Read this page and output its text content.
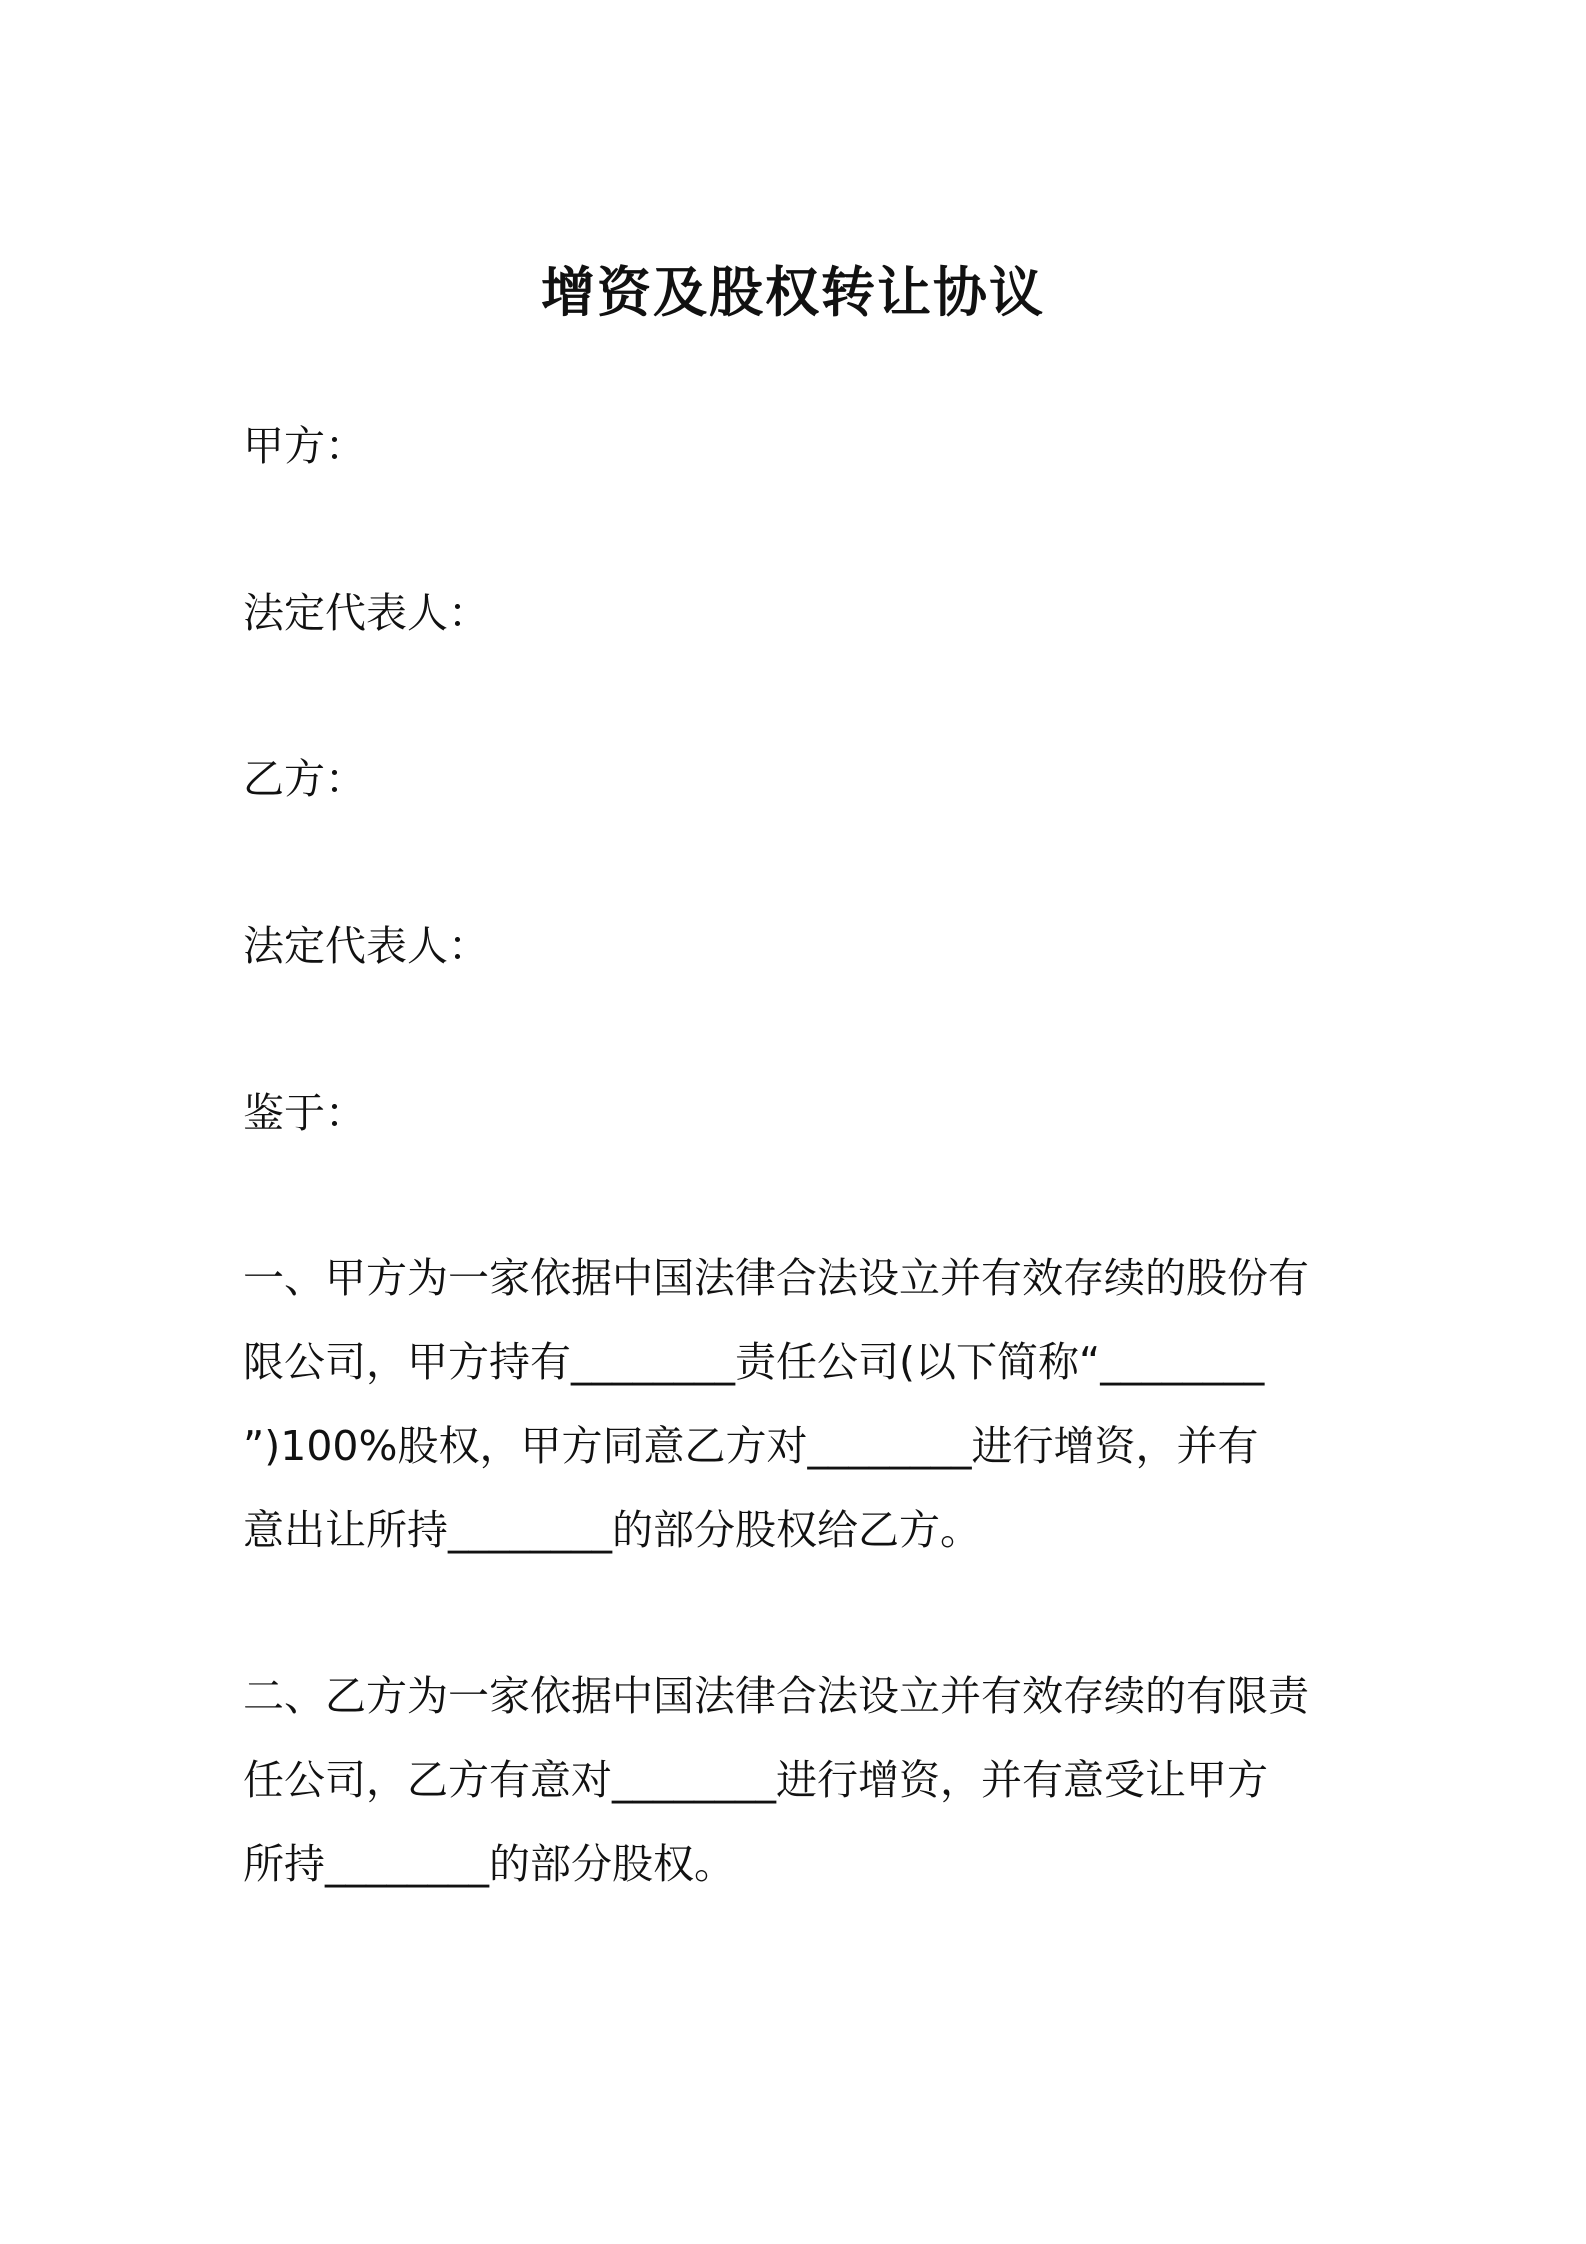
增资及股权转让协议
甲方：
法定代表人：
乙方：
法定代表人：
鉴于：
一、甲方为一家依据中国法律合法设立并有效存续的股份有
限公司，甲方持有________责任公司(以下简称“________
”)100%股权，甲方同意乙方对________进行增资，并有
意出让所持________的部分股权给乙方。
二、乙方为一家依据中国法律合法设立并有效存续的有限责
任公司，乙方有意对________进行增资，并有意受让甲方
所持________的部分股权。
